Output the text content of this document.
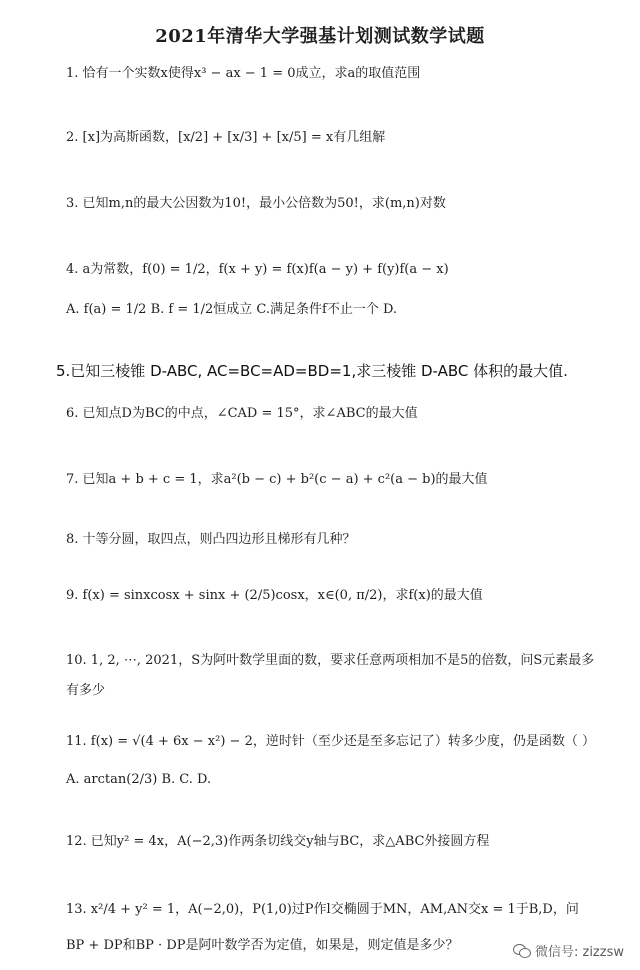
2021年清华大学强基计划测试数学试题
1. 恰有一个实数x使得x³ − ax − 1 = 0成立，求a的取值范围
2. [x]为高斯函数，[x/2] + [x/3] + [x/5] = x有几组解
3. 已知m,n的最大公因数为10!，最小公倍数为50!，求(m,n)对数
4. a为常数，f(0) = 1/2，f(x + y) = f(x)f(a − y) + f(y)f(a − x)
A. f(a) = 1/2 B. f = 1/2恒成立 C.满足条件f不止一个 D.
5.已知三棱锥 D-ABC, AC=BC=AD=BD=1,求三棱锥 D-ABC 体积的最大值.
6. 已知点D为BC的中点，∠CAD = 15°，求∠ABC的最大值
7. 已知a + b + c = 1，求a²(b − c) + b²(c − a) + c²(a − b)的最大值
8. 十等分圆，取四点，则凸四边形且梯形有几种？
9. f(x) = sinxcosx + sinx + (2/5)cosx，x∈(0, π/2)，求f(x)的最大值
10. 1, 2, ⋯, 2021，S为阿叶数学里面的数，要求任意两项相加不是5的倍数，问S元素最多有多少
11. f(x) = √(4 + 6x − x²) − 2，逆时针（至少还是至多忘记了）转多少度，仍是函数（ ）
A. arctan(2/3) B. C. D.
12. 已知y² = 4x，A(−2,3)作两条切线交y轴与BC，求△ABC外接圆方程
13. x²/4 + y² = 1，A(−2,0)，P(1,0)过P作l交椭圆于MN，AM,AN交x = 1于B,D，问
BP + DP和BP · DP是阿叶数学否为定值，如果是，则定值是多少？	微信号: zizzsw
